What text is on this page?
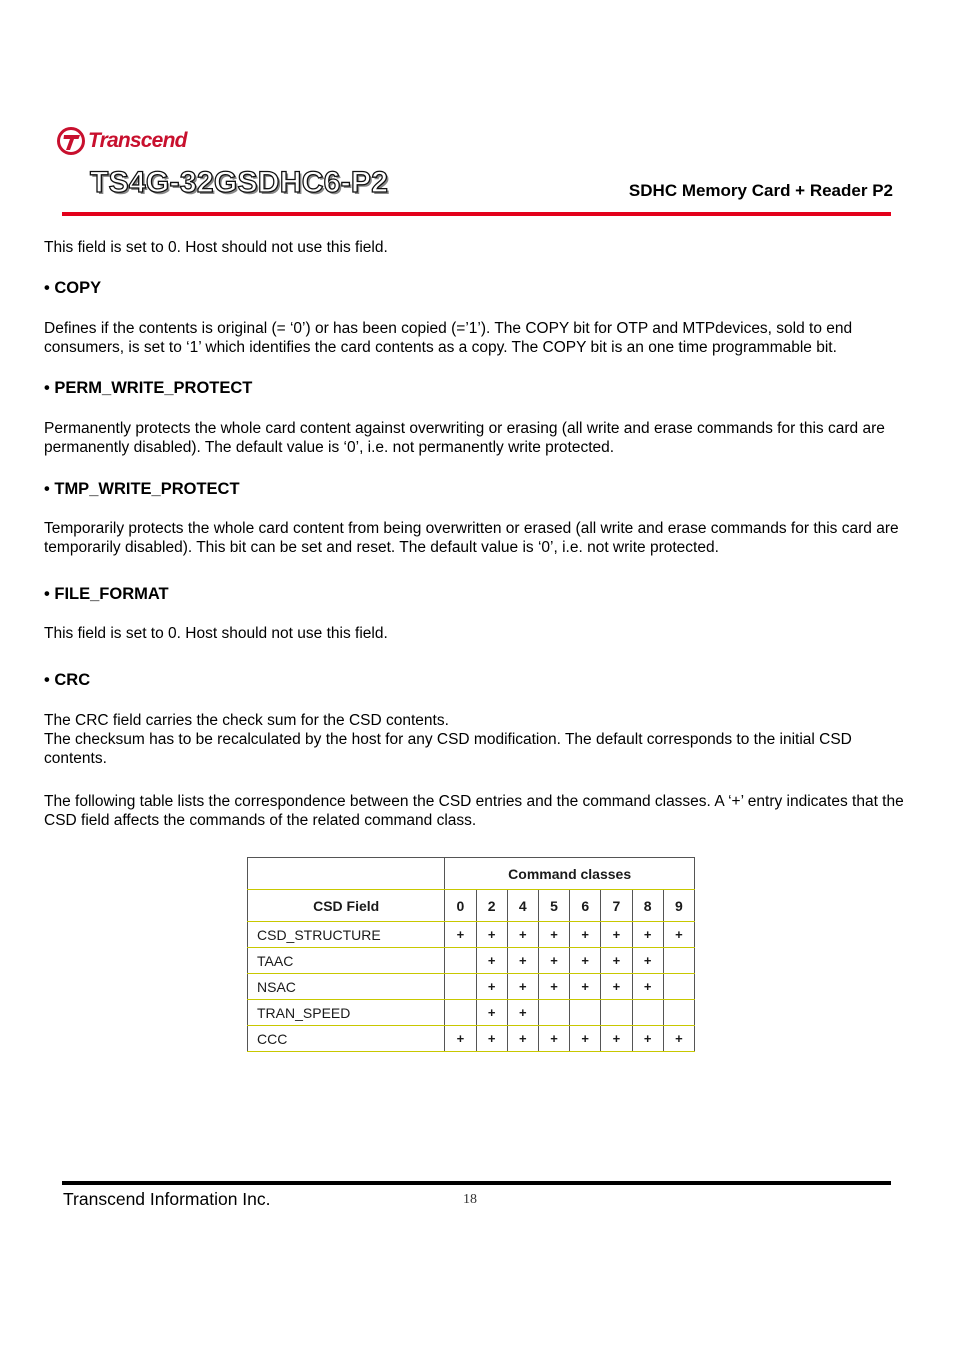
Transcend
TS4G-32GSDHC6-P2	SDHC Memory Card + Reader P2

This field is set to 0. Host should not use this field.

• COPY

Defines if the contents is original (= ‘0’) or has been copied (=’1’). The COPY bit for OTP and MTPdevices, sold to end consumers, is set to ‘1’ which identifies the card contents as a copy. The COPY bit is an one time programmable bit.

• PERM_WRITE_PROTECT

Permanently protects the whole card content against overwriting or erasing (all write and erase commands for this card are permanently disabled). The default value is ‘0’, i.e. not permanently write protected.

• TMP_WRITE_PROTECT

Temporarily protects the whole card content from being overwritten or erased (all write and erase commands for this card are temporarily disabled). This bit can be set and reset. The default value is ‘0’, i.e. not write protected.

• FILE_FORMAT

This field is set to 0. Host should not use this field.

• CRC

The CRC field carries the check sum for the CSD contents.

The checksum has to be recalculated by the host for any CSD modification. The default corresponds to the initial CSD contents.

The following table lists the correspondence between the CSD entries and the command classes. A ‘+’ entry indicates that the CSD field affects the commands of the related command class.

	Command classes							
CSD Field	0	2	4	5	6	7	8	9
CSD_STRUCTURE	+	+	+	+	+	+	+	+
TAAC		+	+	+	+	+	+	
NSAC		+	+	+	+	+	+	
TRAN_SPEED		+	+					
CCC	+	+	+	+	+	+	+	+
Transcend Information Inc.	18
